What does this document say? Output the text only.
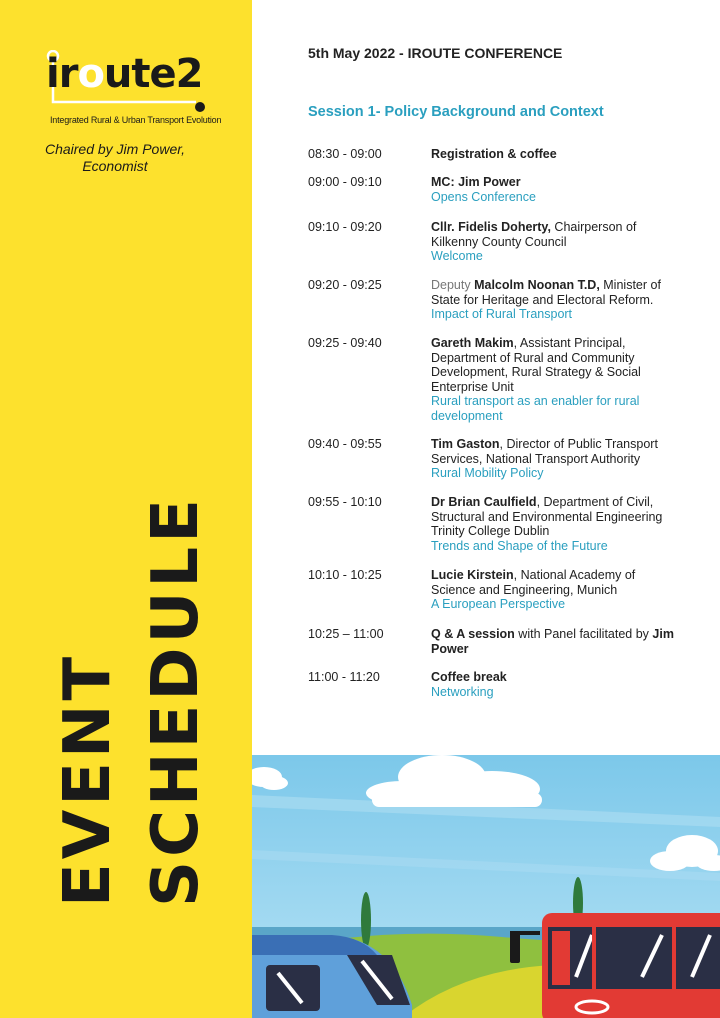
iroute2
Integrated Rural & Urban Transport Evolution
Chaired by Jim Power,
Economist
EVENT SCHEDULE
5th May 2022 - IROUTE CONFERENCE
Session 1- Policy Background and Context
08:30 - 09:00	Registration & coffee
09:00 - 09:10	MC: Jim Power
Opens Conference
09:10 - 09:20	Cllr. Fidelis Doherty, Chairperson of Kilkenny County Council
Welcome
09:20 - 09:25	Deputy Malcolm Noonan T.D, Minister of State for Heritage and Electoral Reform.
Impact of Rural Transport
09:25 - 09:40	Gareth Makim, Assistant Principal, Department of Rural and Community Development, Rural Strategy & Social Enterprise Unit
Rural transport as an enabler for rural development
09:40 - 09:55	Tim Gaston, Director of Public Transport Services, National Transport Authority
Rural Mobility Policy
09:55 - 10:10	Dr Brian Caulfield, Department of Civil, Structural and Environmental Engineering Trinity College Dublin
Trends and Shape of the Future
10:10 - 10:25	Lucie Kirstein, National Academy of Science and Engineering, Munich
A European Perspective
10:25 – 11:00	Q & A session with Panel facilitated by Jim Power
11:00 - 11:20	Coffee break
Networking
